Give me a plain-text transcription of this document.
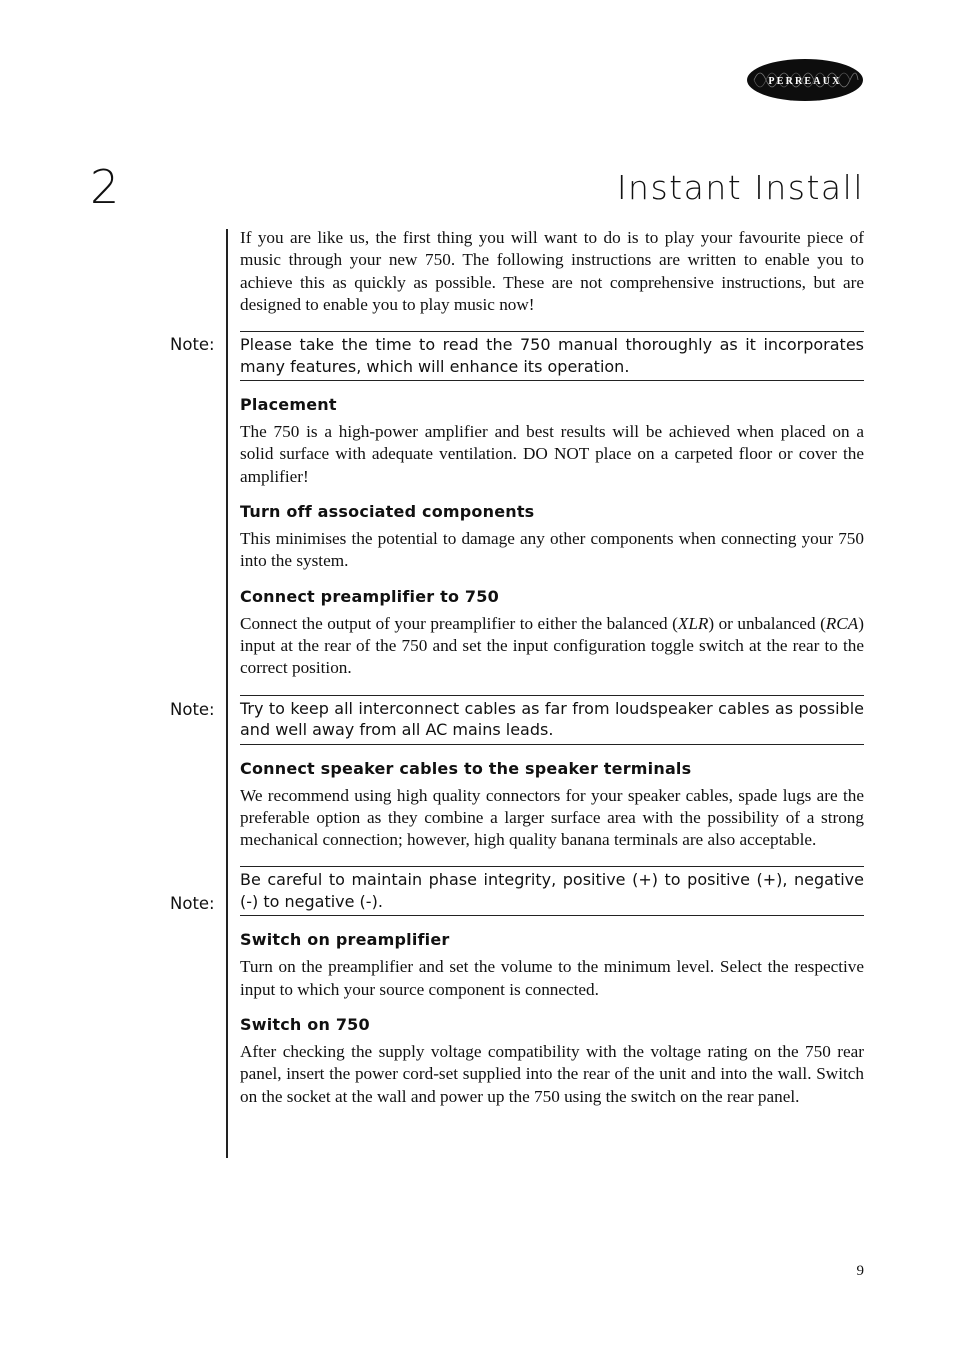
PERREAUX
2	Instant Install
Note:
Note:
Note:

If you are like us, the first thing you will want to do is to play your favourite piece of music through your new 750. The following instructions are written to enable you to achieve this as quickly as possible. These are not comprehensive instructions, but are designed to enable you to play music now!

Please take the time to read the 750 manual thoroughly as it incorporates many features, which will enhance its operation.
Placement

The 750 is a high-power amplifier and best results will be achieved when placed on a solid surface with adequate ventilation. DO NOT place on a carpeted floor or cover the amplifier!

Turn off associated components

This minimises the potential to damage any other components when connecting your 750 into the system.

Connect preamplifier to 750

Connect the output of your preamplifier to either the balanced (XLR) or unbalanced (RCA) input at the rear of the 750 and set the input configuration toggle switch at the rear to the correct position.

Try to keep all interconnect cables as far from loudspeaker cables as possible and well away from all AC mains leads.
Connect speaker cables to the speaker terminals

We recommend using high quality connectors for your speaker cables, spade lugs are the preferable option as they combine a larger surface area with the possibility of a strong mechanical connection; however, high quality banana terminals are also acceptable.

Be careful to maintain phase integrity, positive (+) to positive (+), negative (-) to negative (-).
Switch on preamplifier

Turn on the preamplifier and set the volume to the minimum level. Select the respective input to which your source component is connected.

Switch on 750

After checking the supply voltage compatibility with the voltage rating on the 750 rear panel, insert the power cord-set supplied into the rear of the unit and into the wall. Switch on the socket at the wall and power up the 750 using the switch on the rear panel.

9
